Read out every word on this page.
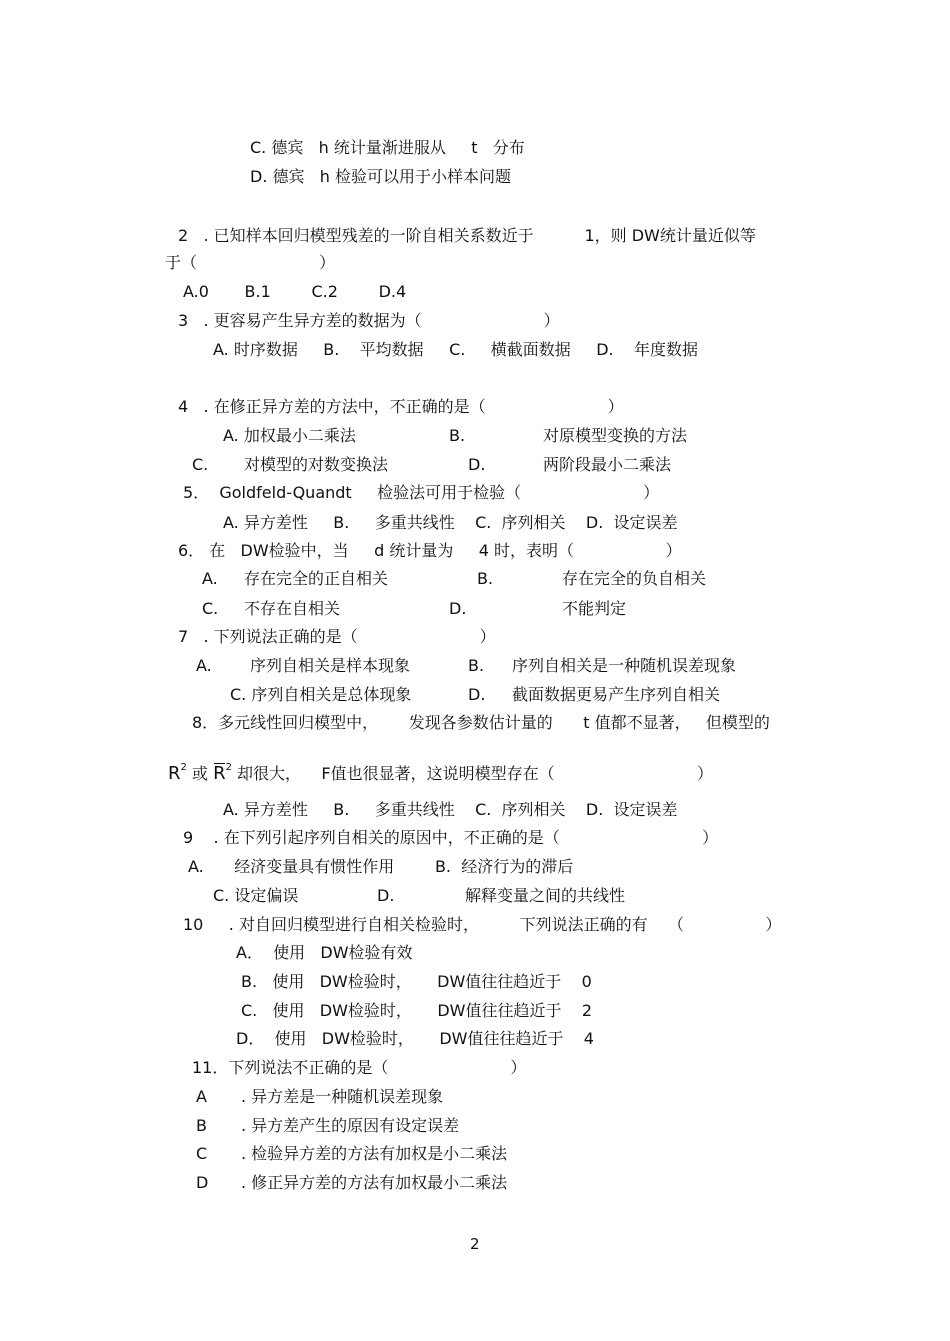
C. 德宾   h 统计量渐进服从     t   分布
D. 德宾   h 检验可以用于小样本问题
2   . 已知样本回归模型残差的一阶自相关系数近于          1，则 DW统计量近似等
于（                        ）
A.0       B.1        C.2        D.4
3   . 更容易产生异方差的数据为（                        ）
A. 时序数据     B.    平均数据     C.     横截面数据     D.    年度数据
4   . 在修正异方差的方法中，不正确的是（                        ）
A. 加权最小二乘法	B.	对原模型变换的方法
C. 对模型的对数变换法	D.	两阶段最小二乘法
5．  Goldfeld-Quandt     检验法可用于检验（                        ）
A. 异方差性     B.     多重共线性    C.  序列相关    D.  设定误差
6． 在   DW检验中，当     d 统计量为     4 时，表明（                  ）
A. 存在完全的正自相关	B.	存在完全的负自相关
C. 不存在自相关	D.	不能判定
7   . 下列说法正确的是（                        ）
A. 序列自相关是样本现象	B. 序列自相关是一种随机误差现象
C. 序列自相关是总体现象	D. 截面数据更易产生序列自相关
8．多元线性回归模型中，      发现各参数估计量的      t 值都不显著，   但模型的
$R^2$ 或 $R^2$ 却很大，    F值也很显著，这说明模型存在（                            ）
A. 异方差性     B.     多重共线性    C.  序列相关    D.  设定误差
9    . 在下列引起序列自相关的原因中，不正确的是（                            ）
A.      经济变量具有惯性作用        B.  经济行为的滞后
C. 设定偏误	D.	解释变量之间的共线性
10     . 对自回归模型进行自相关检验时，        下列说法正确的有    （                ）
A．  使用   DW检验有效
B.   使用   DW检验时，     DW值往往趋近于    0
C.   使用   DW检验时，     DW值往往趋近于    2
D．  使用   DW检验时，     DW值往往趋近于    4
11．下列说法不正确的是（                        ）
A . 异方差是一种随机误差现象
B . 异方差产生的原因有设定误差
C . 检验异方差的方法有加权是小二乘法
D . 修正异方差的方法有加权最小二乘法
2
